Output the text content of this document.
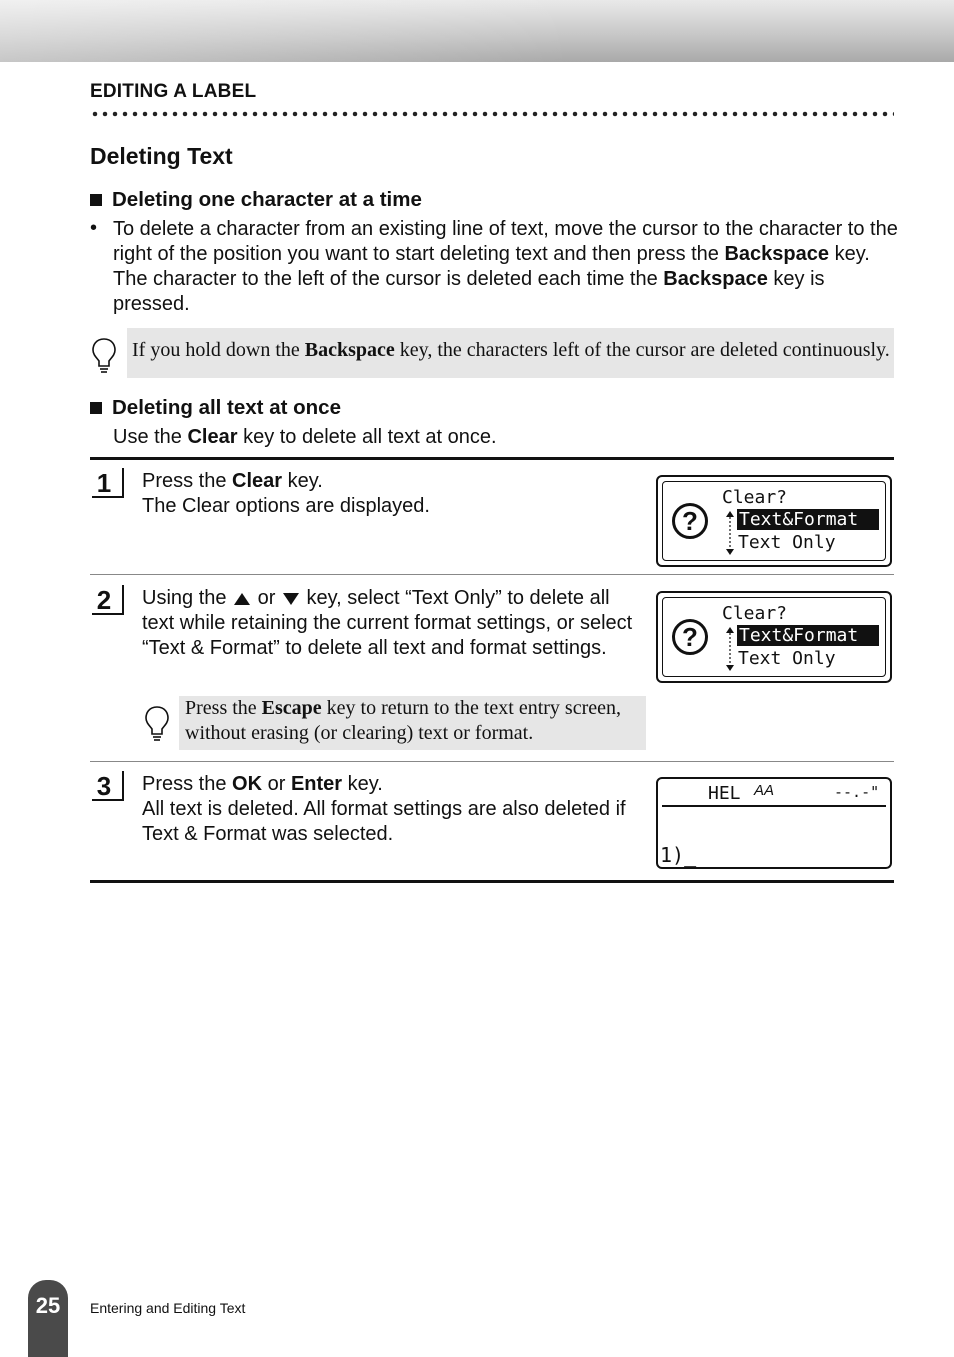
EDITING A LABEL
Deleting Text
Deleting one character at a time
• To delete a character from an existing line of text, move the cursor to the character to the right of the position you want to start deleting text and then press the Backspace key. The character to the left of the cursor is deleted each time the Backspace key is pressed.
If you hold down the Backspace key, the characters left of the cursor are deleted continuously.
Deleting all text at once
Use the Clear key to delete all text at once.
1	Press the Clear key.
The Clear options are displayed.	?
Clear?
Text&Format
Text Only
2	Using the  or  key, select “Text Only” to delete all text while retaining the current format settings, or select “Text & Format” to delete all text and format settings.
Press the Escape key to return to the text entry screen, without erasing (or clearing) text or format.
?
Clear?
Text&Format
Text Only
3	Press the OK or Enter key.
All text is deleted. All format settings are also deleted if Text & Format was selected.
HEL AA	--.-"
1)_
25	Entering and Editing Text
